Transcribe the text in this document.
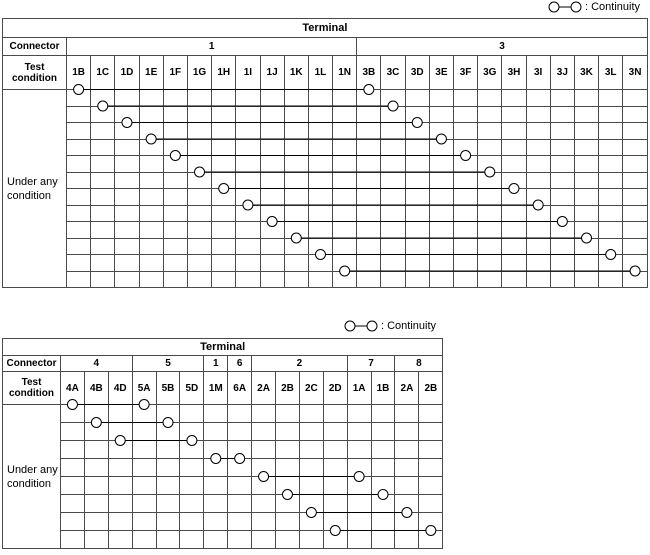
: Continuity
Terminal																								
Connector	1												3											
Test condition	1B	1C	1D	1E	1F	1G	1H	1I	1J	1K	1L	1N	3B	3C	3D	3E	3F	3G	3H	3I	3J	3K	3L	3N
Under any condition																								

: Continuity
Terminal																
Connector	4			5			1	6	2				7		8	
Test condition	4A	4B	4D	5A	5B	5D	1M	6A	2A	2B	2C	2D	1A	1B	2A	2B
Under any condition																
